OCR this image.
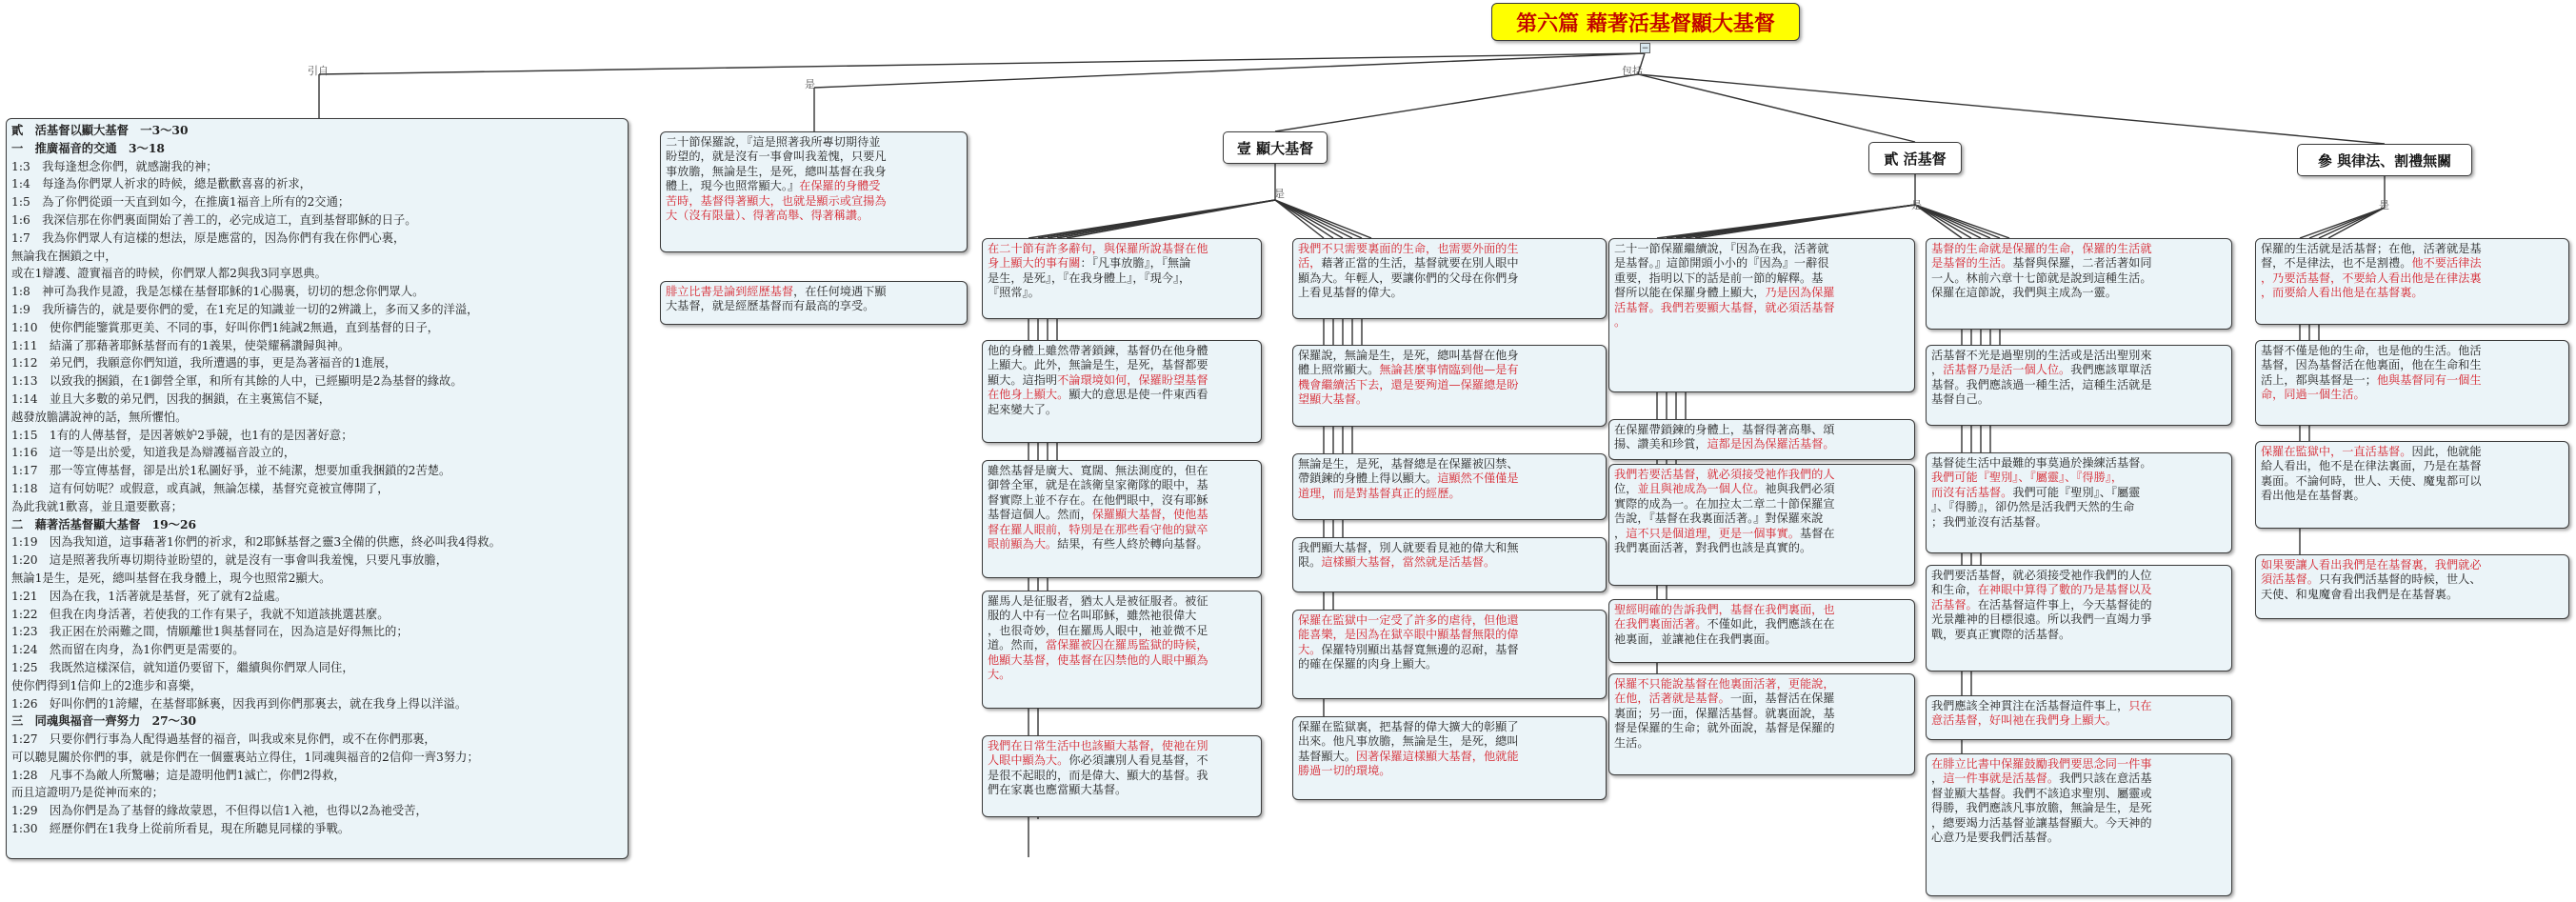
第六篇 藉著活基督顯大基督
−
引自
是
包括
壹 顯大基督
貳 活基督	參 與律法、割禮無關
是
是	是
貳　活基督以顯大基督　一3～30
一　推廣福音的交通　3～18
1:3　我每逢想念你們，就感謝我的神；
1:4　每逢為你們眾人祈求的時候，總是歡歡喜喜的祈求，
1:5　為了你們從頭一天直到如今，在推廣1福音上所有的2交通；
1:6　我深信那在你們裏面開始了善工的，必完成這工，直到基督耶穌的日子。
1:7　我為你們眾人有這樣的想法，原是應當的，因為你們有我在你們心裏，
無論我在捆鎖之中，
或在1辯護、證實福音的時候，你們眾人都2與我3同享恩典。
1:8　神可為我作見證，我是怎樣在基督耶穌的1心腸裏，切切的想念你們眾人。
1:9　我所禱告的，就是要你們的愛，在1充足的知識並一切的2辨識上，多而又多的洋溢，
1:10　使你們能鑒賞那更美、不同的事，好叫你們1純誠2無過，直到基督的日子，
1:11　結滿了那藉著耶穌基督而有的1義果，使榮耀稱讚歸與神。
1:12　弟兄們，我願意你們知道，我所遭遇的事，更是為著福音的1進展，
1:13　以致我的捆鎖，在1御營全軍，和所有其餘的人中，已經顯明是2為基督的緣故。
1:14　並且大多數的弟兄們，因我的捆鎖，在主裏篤信不疑，
越發放膽講說神的話，無所懼怕。
1:15　1有的人傳基督，是因著嫉妒2爭競，也1有的是因著好意；
1:16　這一等是出於愛，知道我是為辯護福音設立的，
1:17　那一等宣傳基督，卻是出於1私圖好爭，並不純潔，想要加重我捆鎖的2苦楚。
1:18　這有何妨呢？或假意，或真誠，無論怎樣，基督究竟被宣傳開了，
為此我就1歡喜，並且還要歡喜；
二　藉著活基督顯大基督　19～26
1:19　因為我知道，這事藉著1你們的祈求，和2耶穌基督之靈3全備的供應，終必叫我4得救。
1:20　這是照著我所專切期待並盼望的，就是沒有一事會叫我羞愧，只要凡事放膽，
無論1是生，是死，總叫基督在我身體上，現今也照常2顯大。
1:21　因為在我，1活著就是基督，死了就有2益處。
1:22　但我在肉身活著，若使我的工作有果子，我就不知道該挑選甚麼。
1:23　我正困在於兩難之間，情願離世1與基督同在，因為這是好得無比的；
1:24　然而留在肉身，為1你們更是需要的。
1:25　我既然這樣深信，就知道仍要留下，繼續與你們眾人同住，
使你們得到1信仰上的2進步和喜樂，
1:26　好叫你們的1誇耀，在基督耶穌裏，因我再到你們那裏去，就在我身上得以洋溢。
三　同魂與福音一齊努力　27～30
1:27　只要你們行事為人配得過基督的福音，叫我或來見你們，或不在你們那裏，
可以聽見關於你們的事，就是你們在一個靈裏站立得住，1同魂與福音的2信仰一齊3努力；
1:28　凡事不為敵人所驚嚇；這是證明他們1滅亡，你們2得救，
而且這證明乃是從神而來的；
1:29　因為你們是為了基督的緣故蒙恩，不但得以信1入祂，也得以2為祂受苦，
1:30　經歷你們在1我身上從前所看見，現在所聽見同樣的爭戰。
二十節保羅說，『這是照著我所專切期待並
盼望的，就是沒有一事會叫我羞愧，只要凡
事放膽，無論是生，是死，總叫基督在我身
體上，現今也照常顯大。』在保羅的身體受
苦時，基督得著顯大，也就是顯示或宣揚為
大（沒有限量）、得著高舉、得著稱讚。
腓立比書是論到經歷基督，在任何境遇下顯
大基督，就是經歷基督而有最高的享受。
在二十節有許多辭句，與保羅所說基督在他
身上顯大的事有關：『凡事放膽』，『無論
是生，是死』，『在我身體上』，『現今』，
『照常』。
他的身體上雖然帶著鎖鍊，基督仍在他身體
上顯大。此外，無論是生，是死，基督都要
顯大。這指明不論環境如何，保羅盼望基督
在他身上顯大。顯大的意思是使一件東西看
起來變大了。
雖然基督是廣大、寬闊、無法測度的，但在
御營全軍，就是在該衛皇家衛隊的眼中，基
督實際上並不存在。在他們眼中，沒有耶穌
基督這個人。然而，保羅顯大基督，使他基
督在羅人眼前，特別是在那些看守他的獄卒
眼前顯為大。結果，有些人終於轉向基督。
羅馬人是征服者，猶太人是被征服者。被征
服的人中有一位名叫耶穌，雖然祂很偉大
，也很奇妙，但在羅馬人眼中，祂並微不足
道。然而，當保羅被囚在羅馬監獄的時候，
他顯大基督，使基督在囚禁他的人眼中顯為
大。
我們在日常生活中也該顯大基督，使祂在別
人眼中顯為大。你必須讓別人看見基督，不
是很不起眼的，而是偉大、顯大的基督。我
們在家裏也應當顯大基督。
我們不只需要裏面的生命，也需要外面的生
活，藉著正當的生活，基督就要在別人眼中
顯為大。年輕人，要讓你們的父母在你們身
上看見基督的偉大。
保羅說，無論是生，是死，總叫基督在他身
體上照常顯大。無論甚麼事情臨到他—是有
機會繼續活下去，還是要殉道—保羅總是盼
望顯大基督。
無論是生，是死，基督總是在保羅被囚禁、
帶鎖鍊的身體上得以顯大。這顯然不僅僅是
道理，而是對基督真正的經歷。
我們顯大基督，別人就要看見祂的偉大和無
限。這樣顯大基督，當然就是活基督。
保羅在監獄中一定受了許多的虐待，但他還
能喜樂，是因為在獄卒眼中顯基督無限的偉
大。保羅特別顯出基督寬無邊的忍耐，基督
的確在保羅的肉身上顯大。
保羅在監獄裏，把基督的偉大擴大的彰顯了
出來。他凡事放膽，無論是生，是死，總叫
基督顯大。因著保羅這樣顯大基督，他就能
勝過一切的環境。
二十一節保羅繼續說，『因為在我，活著就
是基督。』這節開頭小小的『因為』一辭很
重要，指明以下的話是前一節的解釋。基
督所以能在保羅身體上顯大，乃是因為保羅
活基督。我們若要顯大基督，就必須活基督
。
在保羅帶鎖鍊的身體上，基督得著高舉、頌
揚、讚美和珍賞，這都是因為保羅活基督。
我們若要活基督，就必須接受祂作我們的人
位，並且與祂成為一個人位。祂與我們必須
實際的成為一。在加拉太二章二十節保羅宣
告說，『基督在我裏面活著。』對保羅來說
，這不只是個道理，更是一個事實。基督在
我們裏面活著，對我們也該是真實的。
聖經明確的告訴我們，基督在我們裏面，也
在我們裏面活著。不僅如此，我們應該在在
祂裏面，並讓祂住在我們裏面。
保羅不只能說基督在他裏面活著，更能說，
在他，活著就是基督。一面，基督活在保羅
裏面；另一面，保羅活基督。就裏面說，基
督是保羅的生命；就外面說，基督是保羅的
生活。
基督的生命就是保羅的生命，保羅的生活就
是基督的生活。基督與保羅，二者活著如同
一人。林前六章十七節就是說到這種生活。
保羅在這節說，我們與主成為一靈。
活基督不光是過聖別的生活或是活出聖別來
，活基督乃是活一個人位。我們應該單單活
基督。我們應該過一種生活，這種生活就是
基督自己。
基督徒生活中最難的事莫過於操練活基督。
我們可能『聖別』、『屬靈』、『得勝』，
而沒有活基督。我們可能『聖別』、『屬靈
』、『得勝』，卻仍然是活我們天然的生命
；我們並沒有活基督。
我們要活基督，就必須接受祂作我們的人位
和生命，在神眼中算得了數的乃是基督以及
活基督。在活基督這件事上，今天基督徒的
光景離神的目標很遠。所以我們一直竭力爭
戰，要真正實際的活基督。
我們應該全神貫注在活基督這件事上，只在
意活基督，好叫祂在我們身上顯大。
在腓立比書中保羅鼓勵我們要思念同一件事
，這一件事就是活基督。我們只該在意活基
督並顯大基督。我們不該追求聖別、屬靈或
得勝，我們應該凡事放膽，無論是生，是死
，總要竭力活基督並讓基督顯大。今天神的
心意乃是要我們活基督。
保羅的生活就是活基督；在他，活著就是基
督，不是律法，也不是割禮。他不要活律法
，乃要活基督，不要給人看出他是在律法裏
，而要給人看出他是在基督裏。
基督不僅是他的生命，也是他的生活。他活
基督，因為基督活在他裏面，他在生命和生
活上，都與基督是一；他與基督同有一個生
命，同過一個生活。
保羅在監獄中，一直活基督。因此，他就能
給人看出，他不是在律法裏面，乃是在基督
裏面。不論何時，世人、天使、魔鬼都可以
看出他是在基督裏。
如果要讓人看出我們是在基督裏，我們就必
須活基督。只有我們活基督的時候，世人、
天使、和鬼魔會看出我們是在基督裏。
